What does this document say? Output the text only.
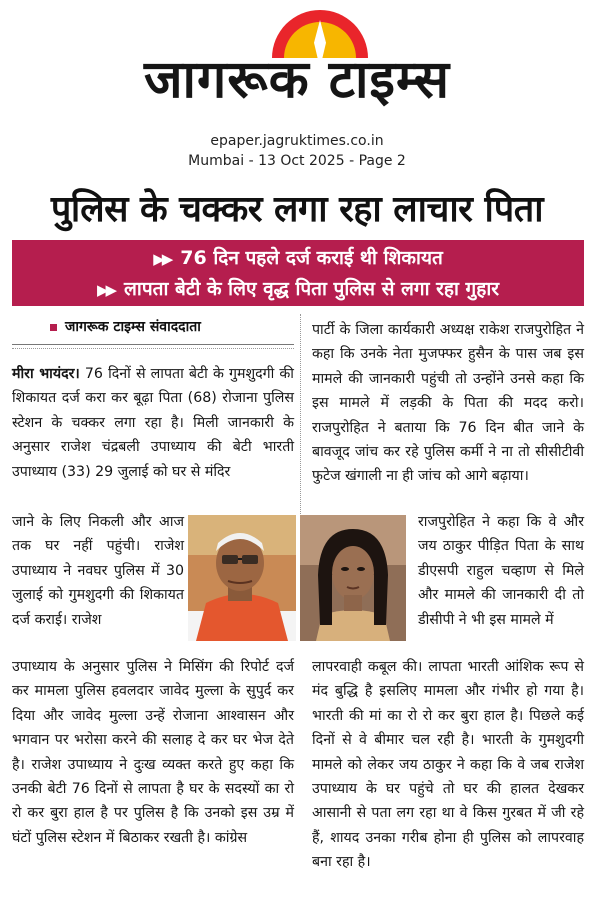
जागरूक टाइम्स
epaper.jagruktimes.co.in
Mumbai - 13 Oct 2025 - Page 2
पुलिस के चक्कर लगा रहा लाचार पिता
▶▶ 76 दिन पहले दर्ज कराई थी शिकायत
▶▶ लापता बेटी के लिए वृद्ध पिता पुलिस से लगा रहा गुहार
जागरूक टाइम्स संवाददाता
मीरा भायंदर। 76 दिनों से लापता बेटी के गुमशुदगी की शिकायत दर्ज करा कर बूढ़ा पिता (68) रोजाना पुलिस स्टेशन के चक्कर लगा रहा है। मिली जानकारी के अनुसार राजेश चंद्रबली उपाध्याय की बेटी भारती उपाध्याय (33) 29 जुलाई को घर से मंदिर
जाने के लिए निकली और आज तक घर नहीं पहुंची। राजेश उपाध्याय ने नवघर पुलिस में 30 जुलाई को गुमशुदगी की शिकायत दर्ज कराई। राजेश
उपाध्याय के अनुसार पुलिस ने मिसिंग की रिपोर्ट दर्ज कर मामला पुलिस हवलदार जावेद मुल्ला के सुपुर्द कर दिया और जावेद मुल्ला उन्हें रोजाना आश्वासन और भगवान पर भरोसा करने की सलाह दे कर घर भेज देते है। राजेश उपाध्याय ने दुःख व्यक्त करते हुए कहा कि उनकी बेटी 76 दिनों से लापता है घर के सदस्यों का रो रो कर बुरा हाल है पर पुलिस है कि उनको इस उम्र में घंटों पुलिस स्टेशन में बिठाकर रखती है। कांग्रेस
पार्टी के जिला कार्यकारी अध्यक्ष राकेश राजपुरोहित ने कहा कि उनके नेता मुजफ्फर हुसैन के पास जब इस मामले की जानकारी पहुंची तो उन्होंने उनसे कहा कि इस मामले में लड़की के पिता की मदद करो। राजपुरोहित ने बताया कि 76 दिन बीत जाने के बावजूद जांच कर रहे पुलिस कर्मी ने ना तो सीसीटीवी फुटेज खंगाली ना ही जांच को आगे बढ़ाया।
राजपुरोहित ने कहा कि वे और जय ठाकुर पीड़ित पिता के साथ डीएसपी राहुल चव्हाण से मिले और मामले की जानकारी दी तो डीसीपी ने भी इस मामले में
लापरवाही कबूल की। लापता भारती आंशिक रूप से मंद बुद्धि है इसलिए मामला और गंभीर हो गया है। भारती की मां का रो रो कर बुरा हाल है। पिछले कई दिनों से वे बीमार चल रही है। भारती के गुमशुदगी मामले को लेकर जय ठाकुर ने कहा कि वे जब राजेश उपाध्याय के घर पहुंचे तो घर की हालत देखकर आसानी से पता लग रहा था वे किस गुरबत में जी रहे हैं, शायद उनका गरीब होना ही पुलिस को लापरवाह बना रहा है।
